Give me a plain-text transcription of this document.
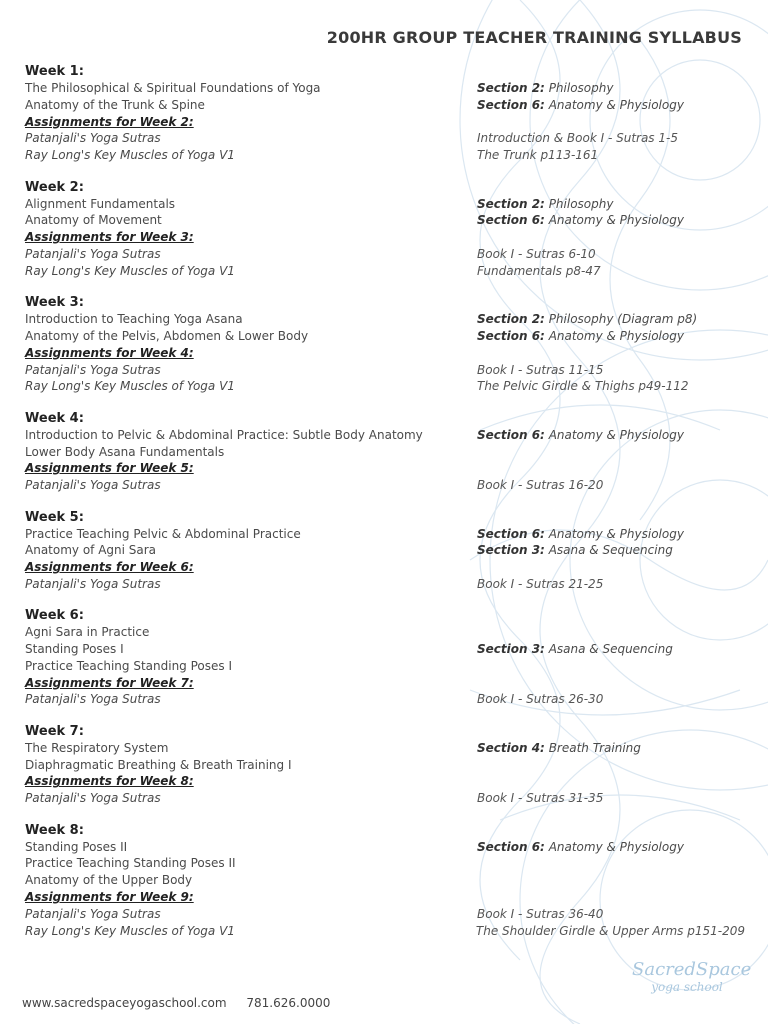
200HR GROUP TEACHER TRAINING SYLLABUS
Week 1:
The Philosophical & Spiritual Foundations of Yoga	Section 2: Philosophy
Anatomy of the Trunk & Spine	Section 6: Anatomy & Physiology
Assignments for Week 2:
Patanjali's Yoga Sutras	Introduction & Book I - Sutras 1-5
Ray Long's Key Muscles of Yoga V1	The Trunk p113-161
Week 2:
Alignment Fundamentals	Section 2: Philosophy
Anatomy of Movement	Section 6: Anatomy & Physiology
Assignments for Week 3:
Patanjali's Yoga Sutras	Book I - Sutras 6-10
Ray Long's Key Muscles of Yoga V1	Fundamentals p8-47
Week 3:
Introduction to Teaching Yoga Asana	Section 2: Philosophy (Diagram p8)
Anatomy of the Pelvis, Abdomen & Lower Body	Section 6: Anatomy & Physiology
Assignments for Week 4:
Patanjali's Yoga Sutras	Book I - Sutras 11-15
Ray Long's Key Muscles of Yoga V1	The Pelvic Girdle & Thighs p49-112
Week 4:
Introduction to Pelvic & Abdominal Practice: Subtle Body Anatomy	Section 6: Anatomy & Physiology
Lower Body Asana Fundamentals
Assignments for Week 5:
Patanjali's Yoga Sutras	Book I - Sutras 16-20
Week 5:
Practice Teaching Pelvic & Abdominal Practice	Section 6: Anatomy & Physiology
Anatomy of Agni Sara	Section 3: Asana & Sequencing
Assignments for Week 6:
Patanjali's Yoga Sutras	Book I - Sutras 21-25
Week 6:
Agni Sara in Practice
Standing Poses I	Section 3: Asana & Sequencing
Practice Teaching Standing Poses I
Assignments for Week 7:
Patanjali's Yoga Sutras	Book I - Sutras 26-30
Week 7:
The Respiratory System	Section 4: Breath Training
Diaphragmatic Breathing & Breath Training I
Assignments for Week 8:
Patanjali's Yoga Sutras	Book I - Sutras 31-35
Week 8:
Standing Poses II	Section 6: Anatomy & Physiology
Practice Teaching Standing Poses II
Anatomy of the Upper Body
Assignments for Week 9:
Patanjali's Yoga Sutras	Book I - Sutras 36-40
Ray Long's Key Muscles of Yoga V1	The Shoulder Girdle & Upper Arms p151-209
www.sacredspaceyogaschool.com 781.626.0000
SacredSpace
yoga school
